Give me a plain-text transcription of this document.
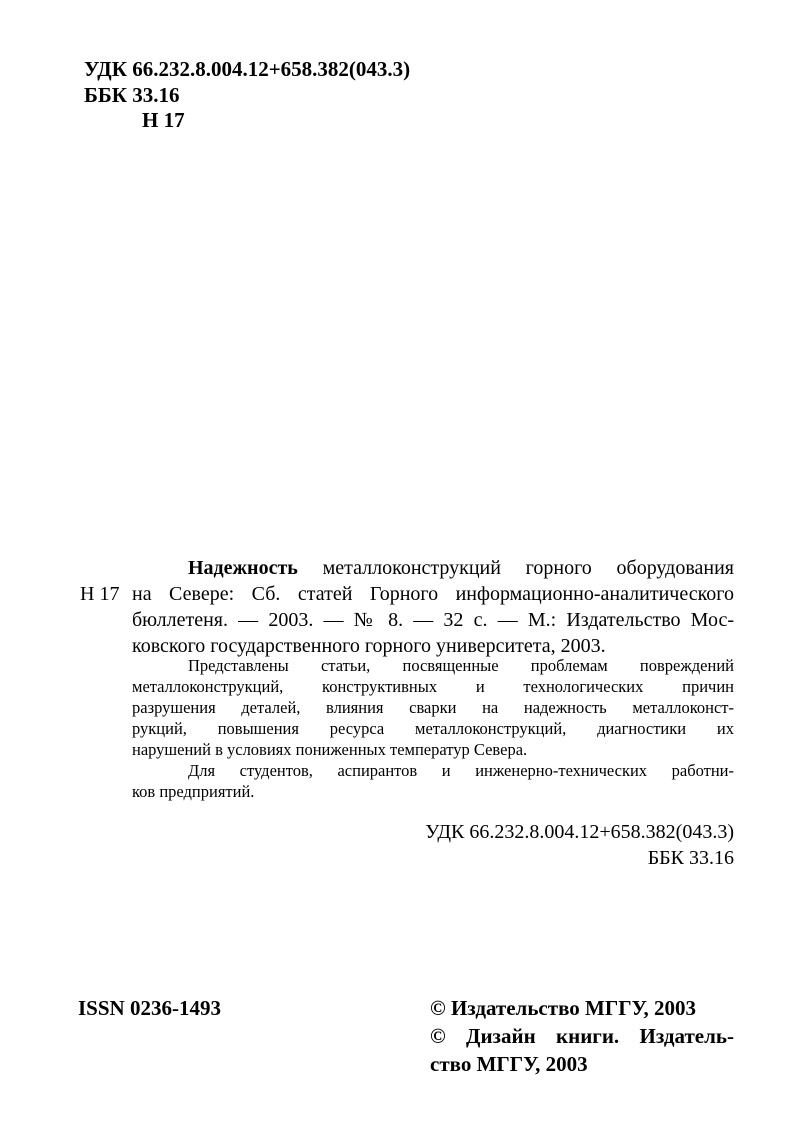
УДК 66.232.8.004.12+658.382(043.3)
ББК 33.16
Н 17
Н 17
Надежность металлоконструкций горного оборудования
на Севере: Сб. статей Горного информационно-аналитического
бюллетеня. — 2003. — № 8. — 32 с. — М.: Издательство Мос-
ковского государственного горного университета, 2003.
Представлены статьи, посвященные проблемам повреждений
металлоконструкций, конструктивных и технологических причин
разрушения деталей, влияния сварки на надежность металлоконст-
рукций, повышения ресурса металлоконструкций, диагностики их
нарушений в условиях пониженных температур Севера.
Для студентов, аспирантов и инженерно-технических работни-
ков предприятий.
УДК 66.232.8.004.12+658.382(043.3)
ББК 33.16
ISSN 0236-1493	© Издательство МГГУ, 2003
© Дизайн книги. Издатель-
ство МГГУ, 2003
